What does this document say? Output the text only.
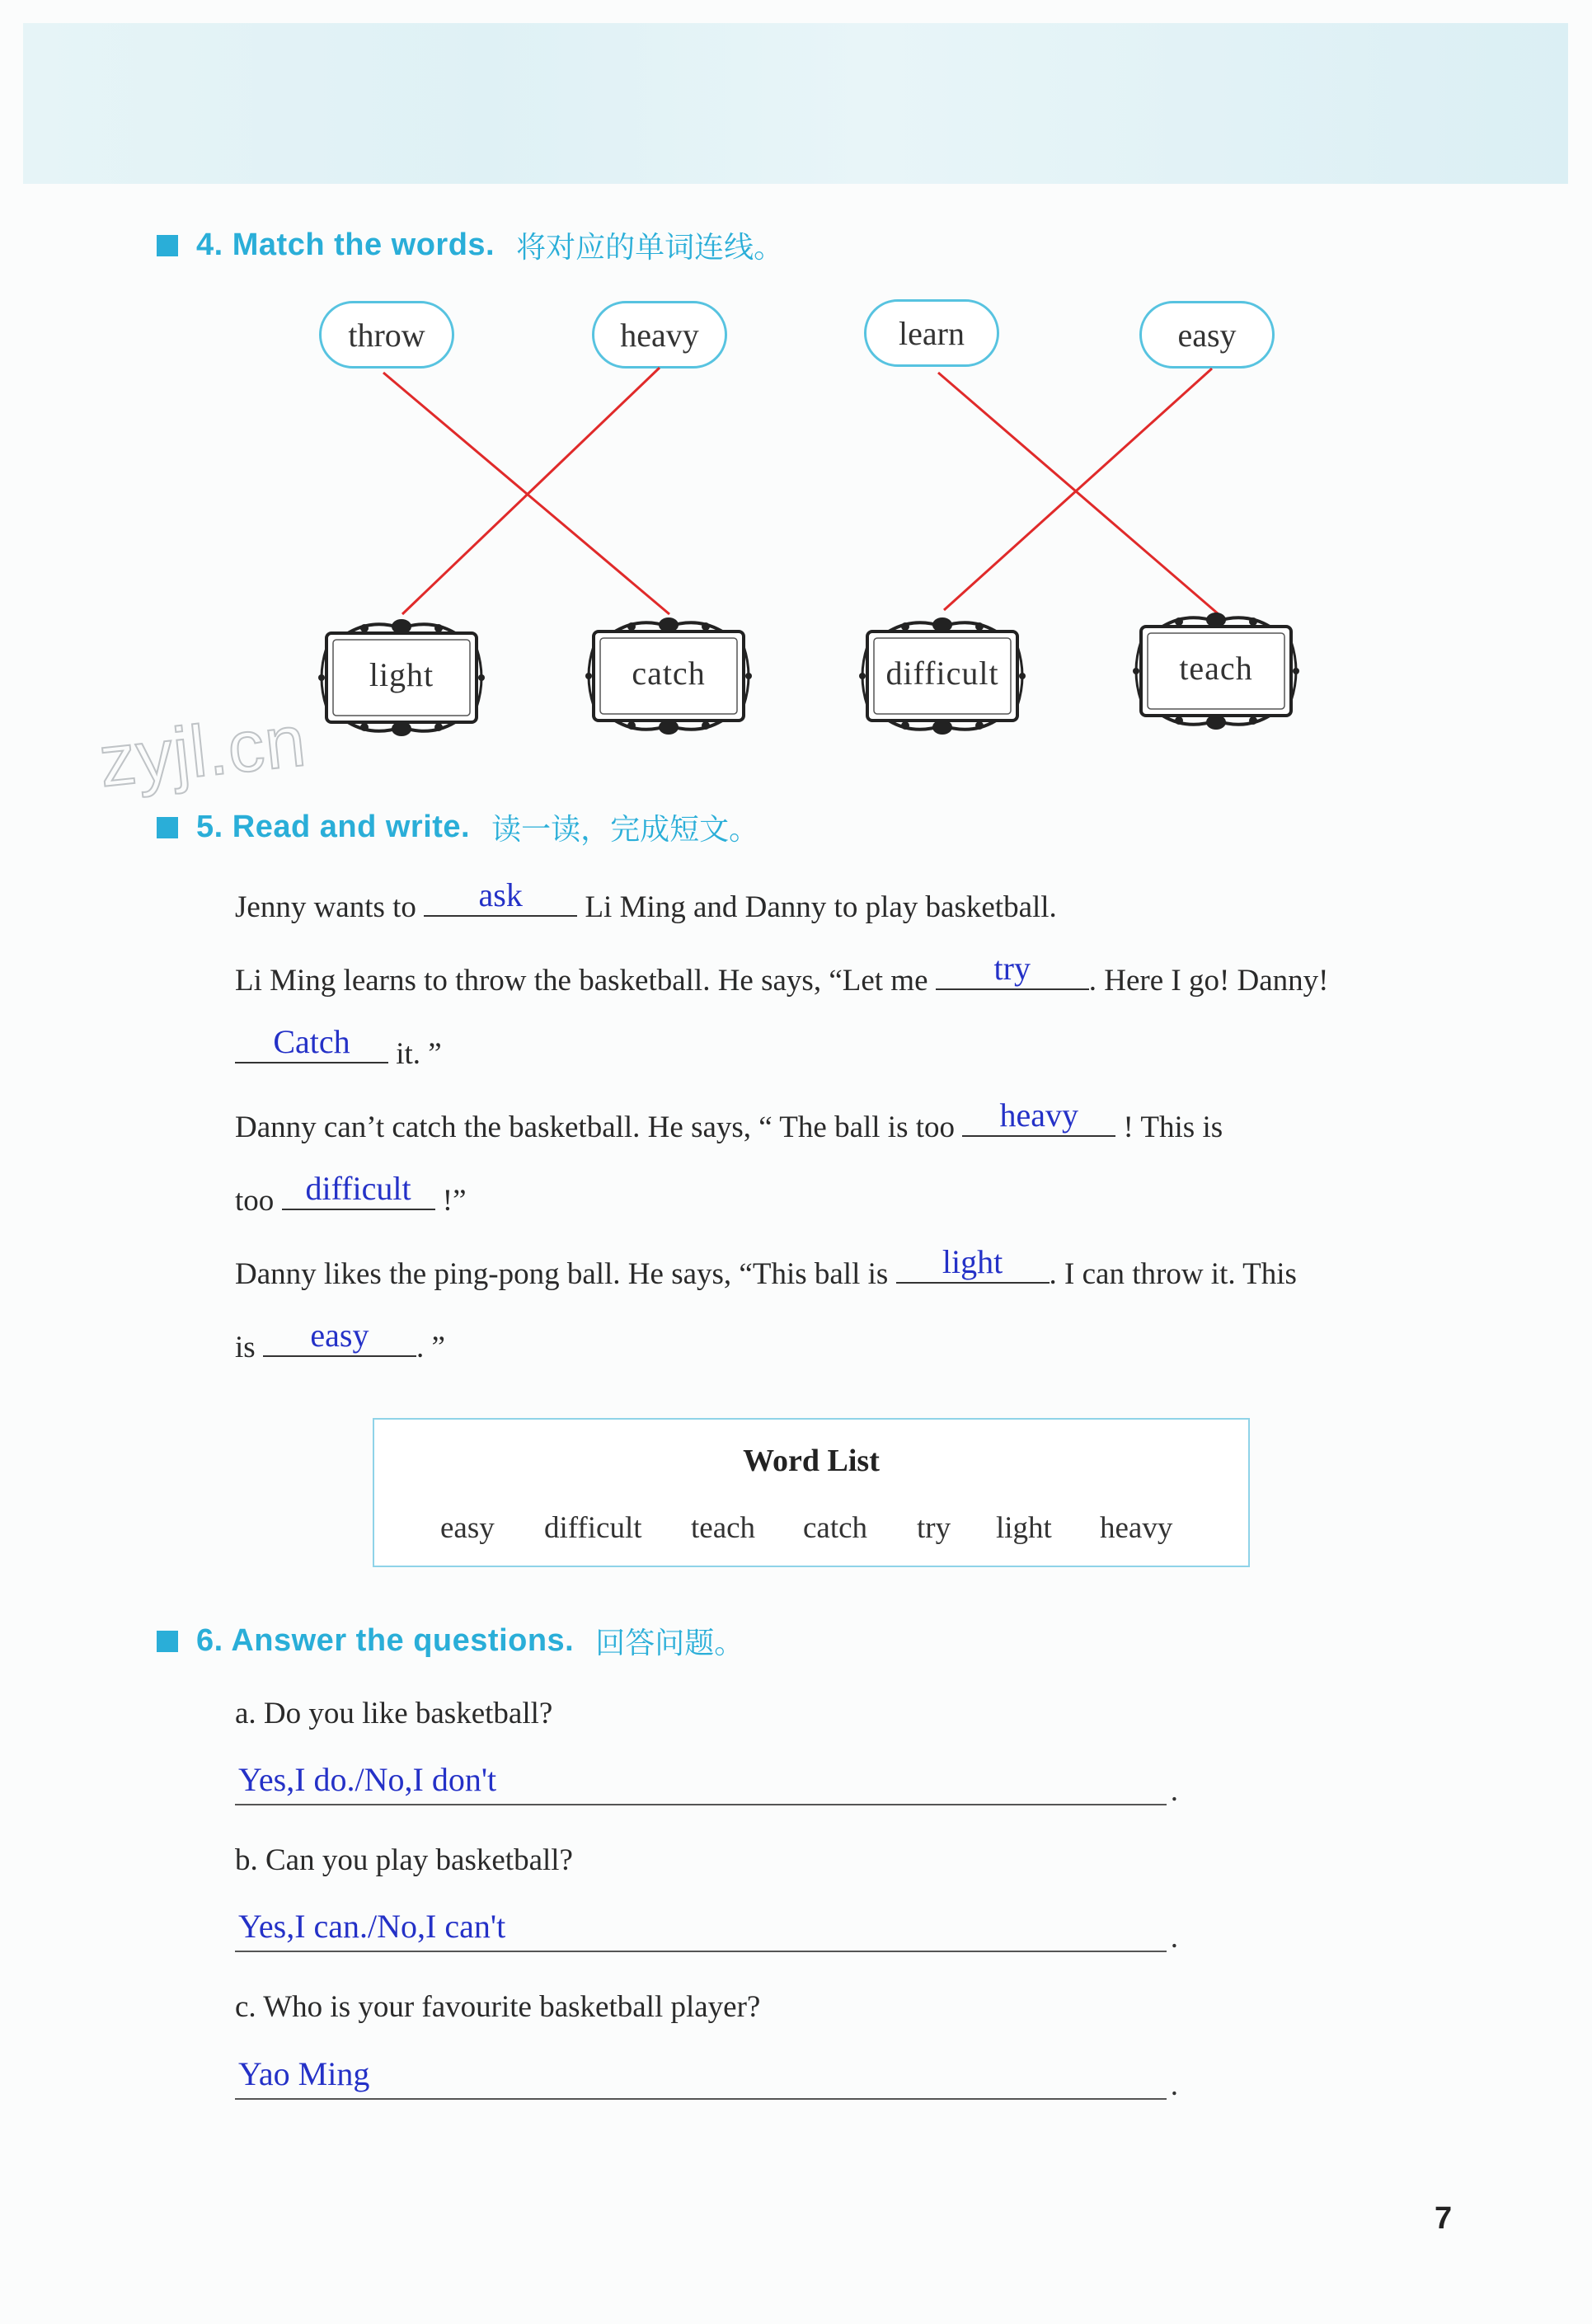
4. Match the words. 将对应的单词连线。
throw	heavy	learn	easy
light	catch	difficult	teach
zyjl.cn
5. Read and write. 读一读，完成短文。
Jenny wants to	ask	Li Ming and Danny to play basketball.
Li Ming learns to throw the basketball. He says, “Let me	try	. Here I go! Danny!
Catch	it. ”
Danny can’t catch the basketball. He says, “ The ball is too	heavy	! This is
too difficult !”
Danny likes the ping-pong ball. He says, “This ball is	light	. I can throw it. This
is	easy	. ”
Word List
easy difficult teach catch try light heavy
6. Answer the questions. 回答问题。
a. Do you like basketball?
Yes,I do./No,I don't	.
b. Can you play basketball?
Yes,I can./No,I can't	.
c. Who is your favourite basketball player?
Yao Ming	.
7
